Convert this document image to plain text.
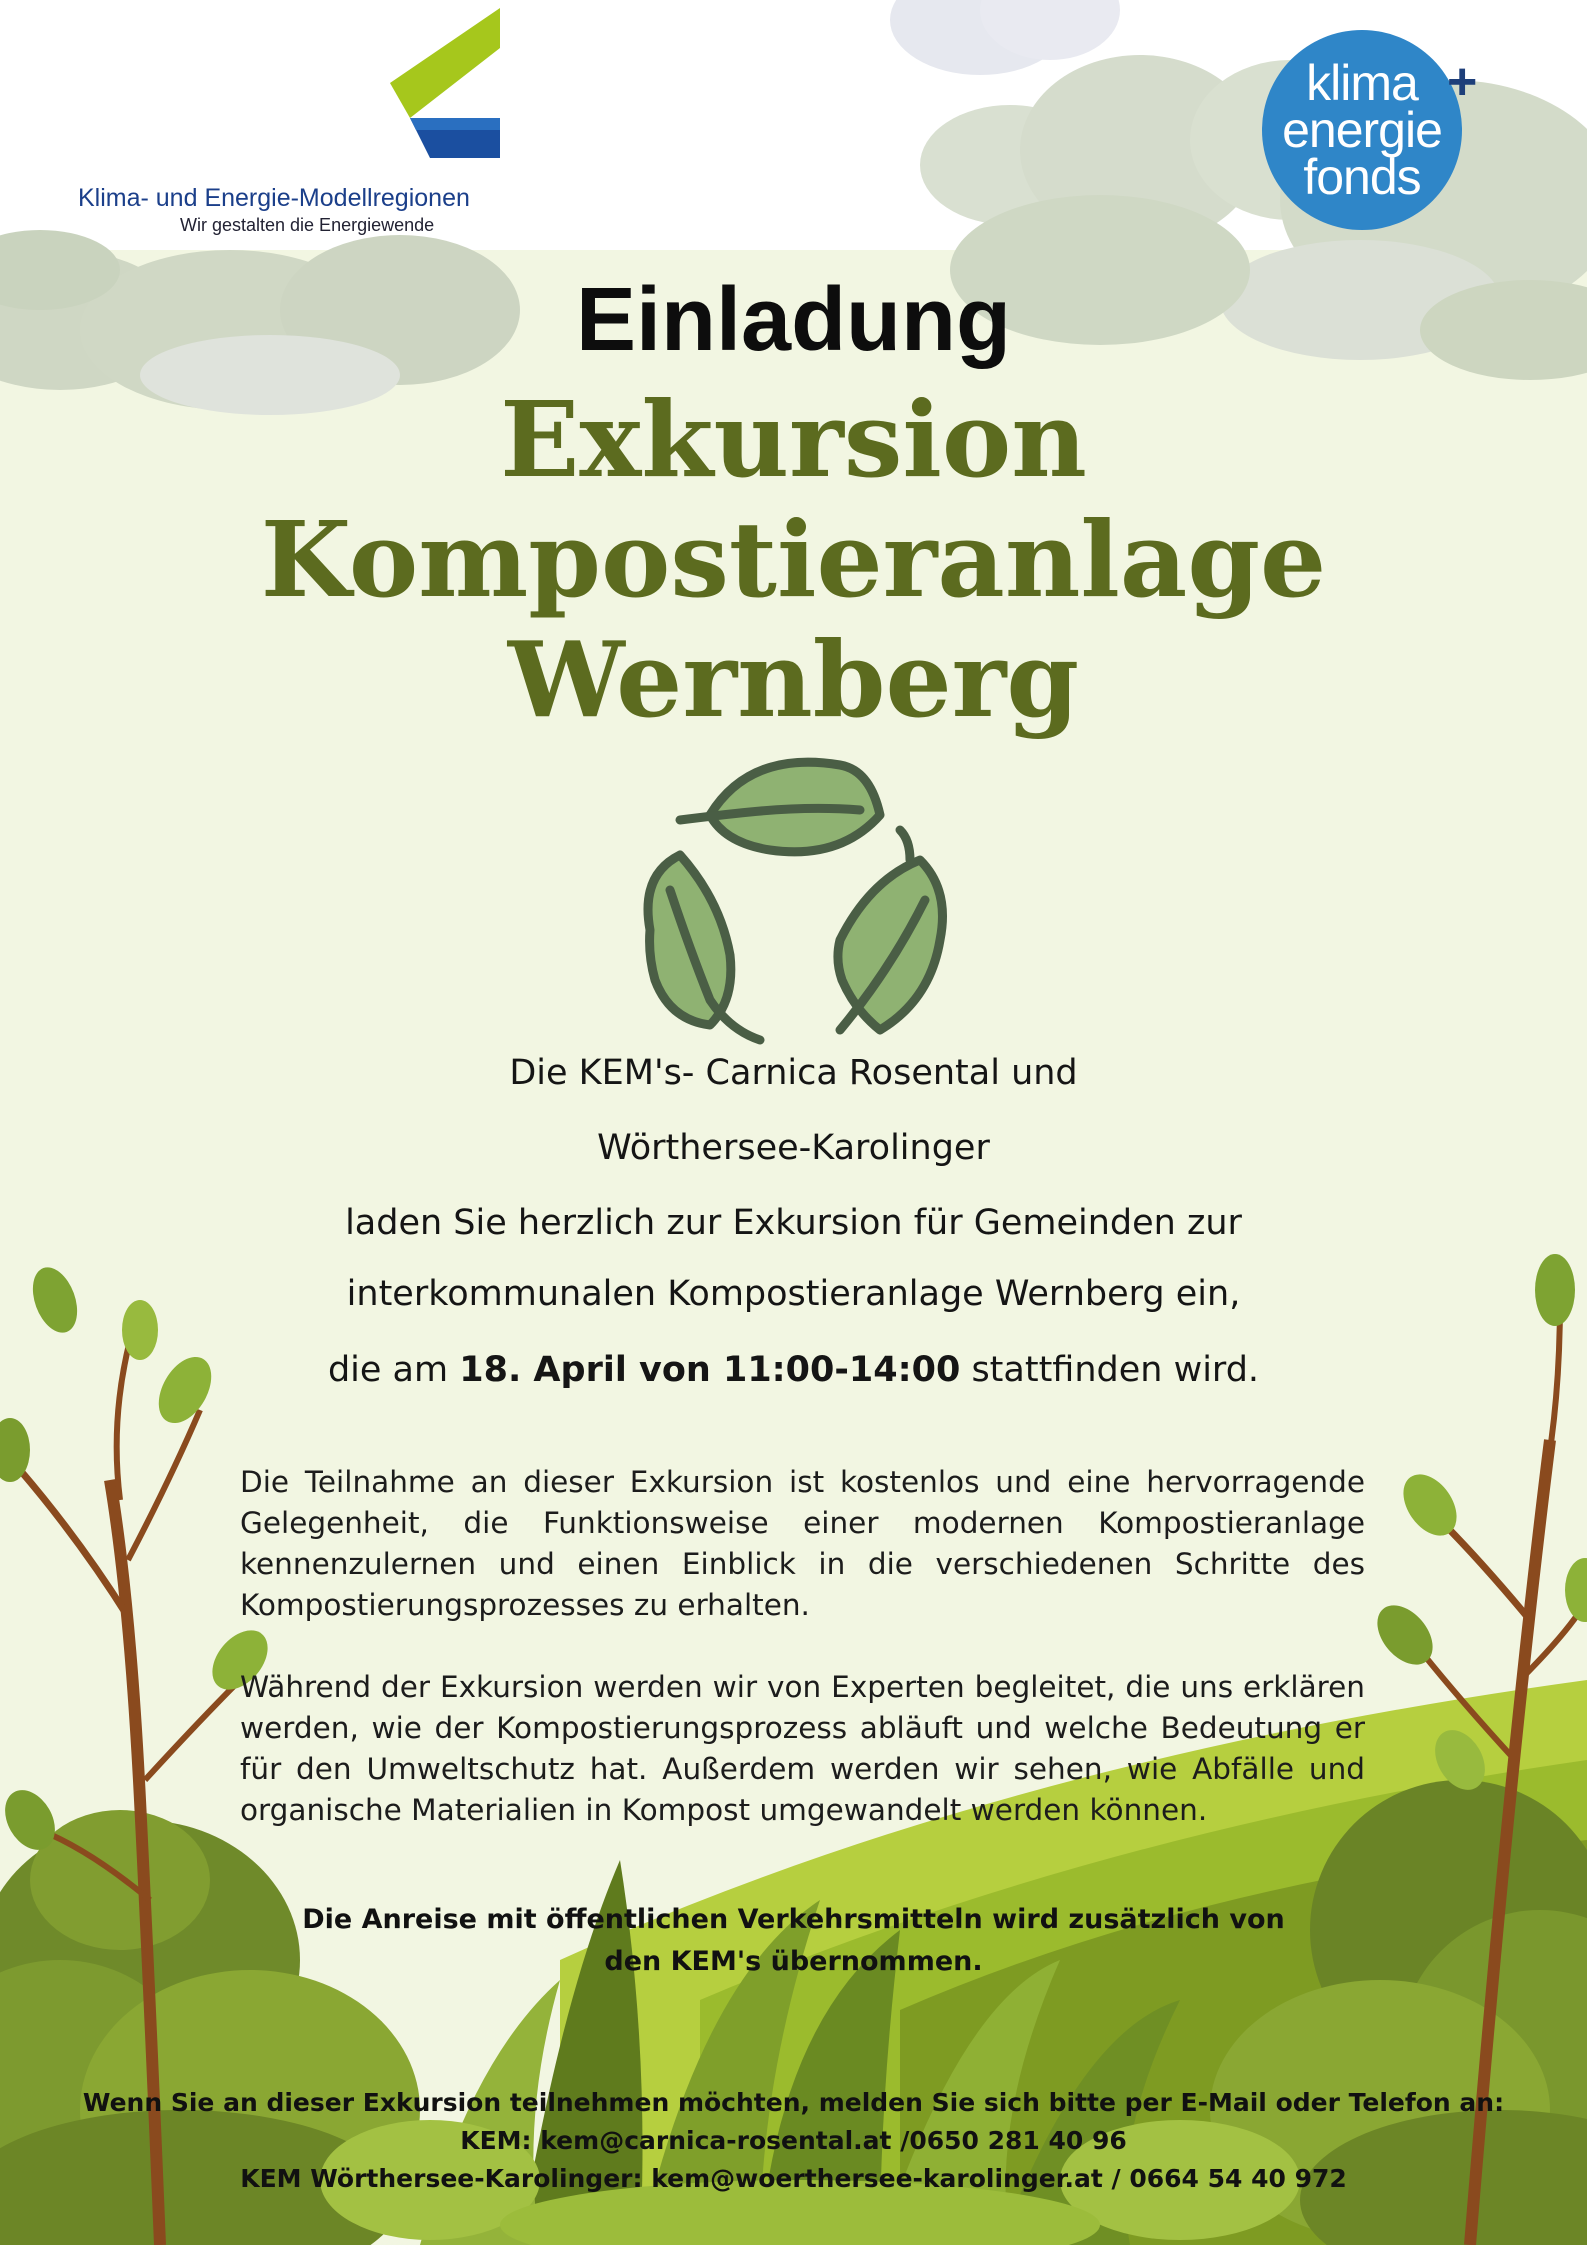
Klima- und Energie-Modellregionen
Wir gestalten die Energiewende
klima
energie
fonds
+
Einladung
Exkursion
Kompostieranlage
Wernberg
Die KEM's- Carnica Rosental und
Wörthersee-Karolinger
laden Sie herzlich zur Exkursion für Gemeinden zur
interkommunalen Kompostieranlage Wernberg ein,
die am 18. April von 11:00-14:00 stattfinden wird.
Die Teilnahme an dieser Exkursion ist kostenlos und eine hervorragende Gelegenheit, die Funktionsweise einer modernen Kompostieranlage kennenzulernen und einen Einblick in die verschiedenen Schritte des Kompostierungsprozesses zu erhalten.
Während der Exkursion werden wir von Experten begleitet, die uns erklären werden, wie der Kompostierungsprozess abläuft und welche Bedeutung er für den Umweltschutz hat. Außerdem werden wir sehen, wie Abfälle und organische Materialien in Kompost umgewandelt werden können.
Die Anreise mit öffentlichen Verkehrsmitteln wird zusätzlich von
den KEM's übernommen.
Wenn Sie an dieser Exkursion teilnehmen möchten, melden Sie sich bitte per E-Mail oder Telefon an:
KEM: kem@carnica-rosental.at /0650 281 40 96
KEM Wörthersee-Karolinger: kem@woerthersee-karolinger.at / 0664 54 40 972
